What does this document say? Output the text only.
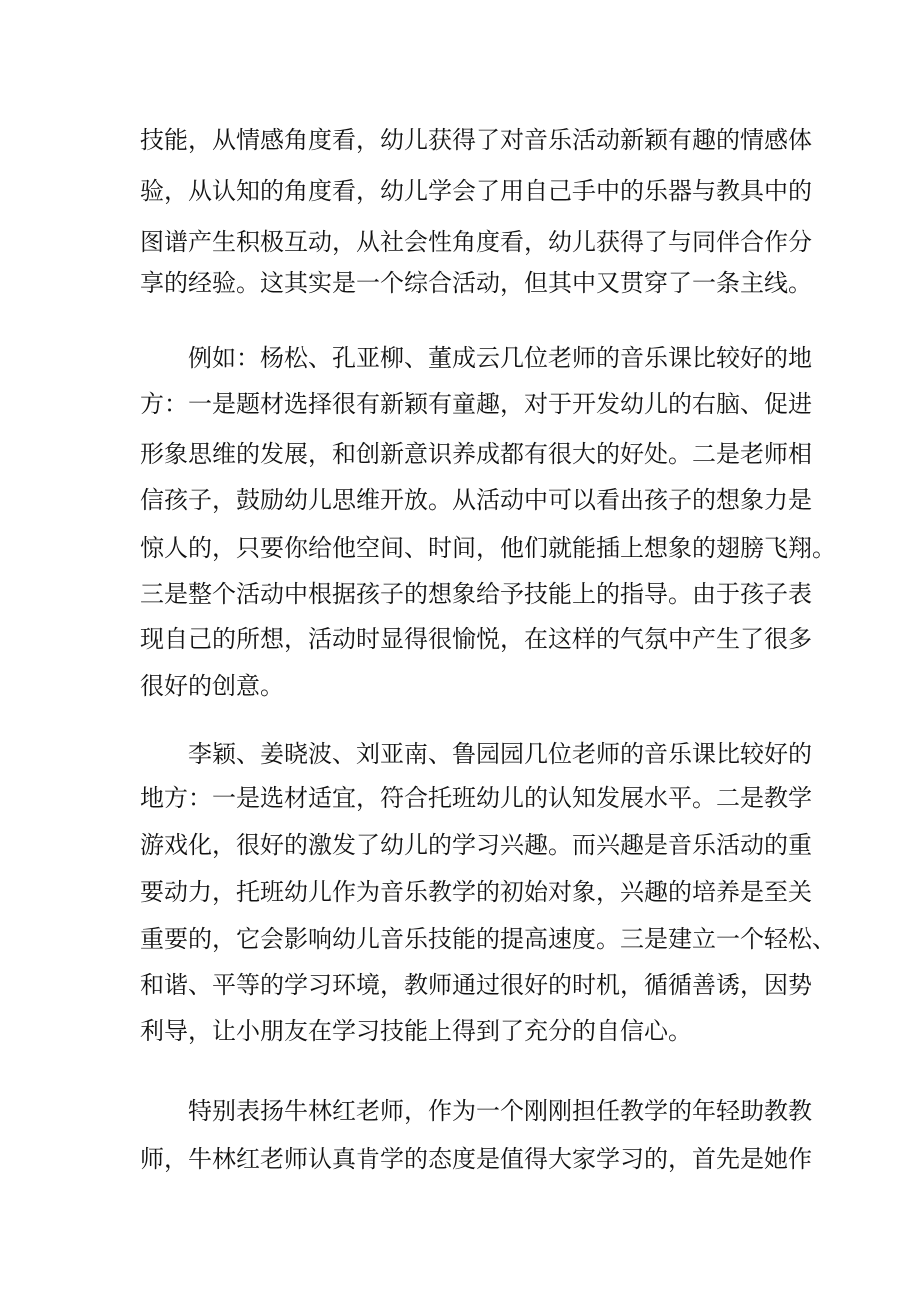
技能，从情感角度看，幼儿获得了对音乐活动新颖有趣的情感体
验，从认知的角度看，幼儿学会了用自己手中的乐器与教具中的
图谱产生积极互动，从社会性角度看，幼儿获得了与同伴合作分
享的经验。这其实是一个综合活动，但其中又贯穿了一条主线。
　　例如：杨松、孔亚柳、董成云几位老师的音乐课比较好的地
方：一是题材选择很有新颖有童趣，对于开发幼儿的右脑、促进
形象思维的发展，和创新意识养成都有很大的好处。二是老师相
信孩子，鼓励幼儿思维开放。从活动中可以看出孩子的想象力是
惊人的，只要你给他空间、时间，他们就能插上想象的翅膀飞翔。
三是整个活动中根据孩子的想象给予技能上的指导。由于孩子表
现自己的所想，活动时显得很愉悦，在这样的气氛中产生了很多
很好的创意。
　　李颖、姜晓波、刘亚南、鲁园园几位老师的音乐课比较好的
地方：一是选材适宜，符合托班幼儿的认知发展水平。二是教学
游戏化，很好的激发了幼儿的学习兴趣。而兴趣是音乐活动的重
要动力，托班幼儿作为音乐教学的初始对象，兴趣的培养是至关
重要的，它会影响幼儿音乐技能的提高速度。三是建立一个轻松、
和谐、平等的学习环境，教师通过很好的时机，循循善诱，因势
利导，让小朋友在学习技能上得到了充分的自信心。
　　特别表扬牛林红老师，作为一个刚刚担任教学的年轻助教教
师，牛林红老师认真肯学的态度是值得大家学习的，首先是她作
